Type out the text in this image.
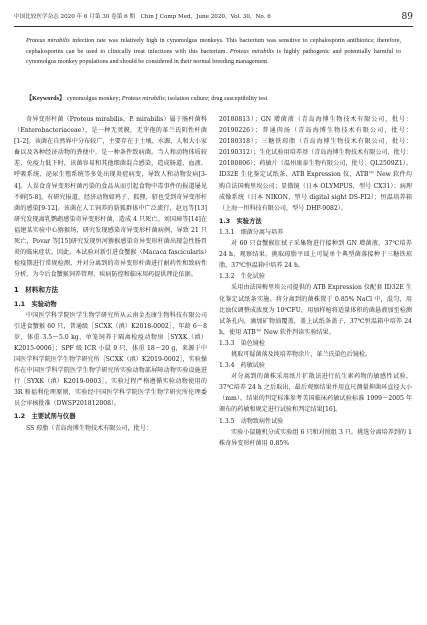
中国比较医学杂志 2020 年 6 月第 30 卷第 6 期　Chin J Comp Med，June 2020，Vol. 30，No. 6	89
Proteus mirabilis infection rate was relatively high in cynomolgus monkeys. This bacterium was sensitive to cephalosporin antibiotics; therefore, cephalosporins can be used to clinically treat infections with this bacterium. Proteus mirabilis is highly pathogenic and potentially harmful to cynomolgus monkey populations and should be considered in their normal breeding management.
【Keywords】 cynomolgus monkey; Proteus mirabilis; isolation culture; drug susceptibility test

奇异变形杆菌（Proteus mirabilis，P. mirabilis）属于肠杆菌科（Enterobacteriaceae），是一种无荚膜，无芽孢的革兰氏阴性杆菌[1-2]。该菌在自然界中分布较广，主要存在于土壤、水源、人和大小家畜以及各种经济动物的粪便中，是一种条件致病菌。当人和动物体质较差，免疫力低下时，该菌容易和其他细菌混合感染，造成肠道、血液、呼吸系统、泌尿生殖系统等多处出现炎症病变，导致人和动物发病[3-4]。人误食奇异变形杆菌污染的食品从而引起食物中毒事件的报道屡见不鲜[5-8]。有研究报道，经济动物如鸡子、狐狸、貂也受到奇异变形杆菌的感染[9-12]。该菌在人工饲养的貉狐群体中广泛流行，赵远等[13]研究发现离乳鹦鹉感染奇异变形杆菌，造成 4 只死亡。刘国璋等[14]在福建某实验中心猕猴场，研究发现感染奇异变形杆菌病例，导致 21 只死亡，Povar 等[15]研究发现恒河猕猴感染奇异变形杆菌出现急性肠胃炎的临床症状。因此，本试验对新引进食蟹猴（Macaca fascicularis）检疫期进行常规检测，并对分离到的奇异变形杆菌进行耐药性和致病性分析，为今后食蟹猴饲养管理、疾病防控和临床用药提供理论依据。

1　材料和方法
1.1　实验动物

中国医学科学院医学生物学研究所从云南金杰康生物科技有限公司引进食蟹猴 60 只，普通级［SCXK（滇）K2018-0002］，年龄 6～8 岁，体重 3.5～5.0 kg，单笼饲养于隔离检疫动物房［SYXK（滇）K2015-0006］；SPF 级 ICR 小鼠 9 只，体重 18～20 g，来源于中国医学科学院医学生物学研究所［SCXK（滇）K2019-0002］，实验操作在中国医学科学院医学生物学研究所实验动物部屏障动物实验设施进行［SYXK（滇）K2019-0003］。实验过程严格遵循实验动物使用的 3R 和福利伦理原则，实验经中国医学科学院医学生物学研究所伦理委员会审核批准（DWSP201812008）。

1.2　主要试剂与仪器

SS 琼脂（青岛海博生物技术有限公司，批号：

20180813）；GN 增菌液（青岛海博生物技术有限公司，批号：20190226）；普通肉汤（青岛海博生物技术有限公司，批号：20180318）；三糖铁琼脂（青岛海博生物技术有限公司，批号：20190312）；生化试验用培养基（青岛海博生物技术有限公司，批号：20180806）；药敏片（温州康泰生物有限公司，批号：QL2509Z1）。ID32E 生化鉴定试纸条、ATB Expression 仪、ATB™ New 软件均购自法国梅里埃公司；显微镜（日本 OLYMPUS，型号 CX31）；病理成像系统（日本 NIKON，型号 digital sight DS-FI2）；恒温培养箱（上海一恒科技有限公司，型号 DHP-9082）。

1.3　实验方法
1.3.1　细菌分离与培养

对 60 只食蟹猴肛拭子采集物进行接种到 GN 增菌液，37℃培养 24 h，观察结果。挑取琼脂平皿上可疑单个典型菌落接种于三糖铁琼脂，37℃恒温箱中培养 24 h。

1.3.2　生化试验

采用由法国梅里埃公司提供的 ATB Expression 仪配套 ID32E 生化鉴定试纸条实施。将分离到的菌株置于 0.85% NaCl 中，混匀，用比浊仪调整成浓度为 10⁸CFU，用加样枪将适量体积的菌悬液加至检测试条孔内，滴加矿物油覆盖，盖上试纸条盖子，37℃恒温箱中培养 24 h，使用 ATB™ New 软件判读实验结果。

1.3.3　染色镜检

挑取可疑菌落及纯培养物涂片，革兰氏染色后镜检。

1.3.4　药敏试验

对分离到的菌株采用纸片扩散法进行抗生素药物的敏感性试验，37℃培养 24 h 之后取出，最后观察结果并用直尺测量抑菌环直径大小（mm）。结果的判定标准参考美国临床药敏试验标准 1999～2005 年颁布的药敏和规定进行试验和判定结果[16]。

1.3.5　动物致病性试验

实验小鼠随机分成实验组 6 只和对照组 3 只。挑选分离培养到的 1 株奇异变形杆菌用 0.85%
